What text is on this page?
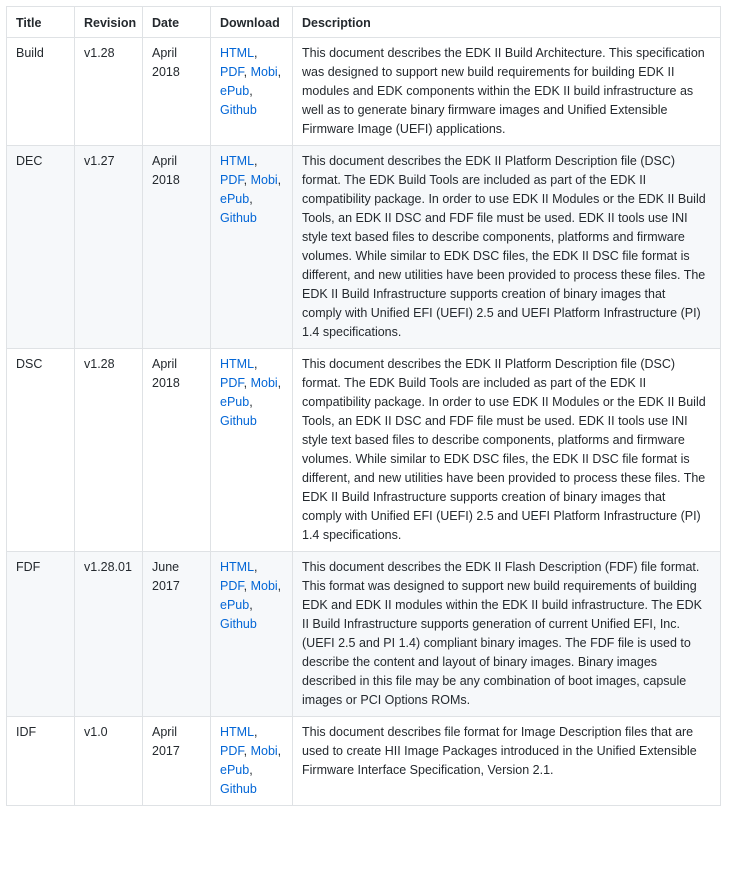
Title	Revision	Date	Download	Description
Build	v1.28	April 2018	HTML, PDF, Mobi, ePub, Github	This document describes the EDK II Build Architecture. This specification was designed to support new build requirements for building EDK II modules and EDK components within the EDK II build infrastructure as well as to generate binary firmware images and Unified Extensible Firmware Image (UEFI) applications.
DEC	v1.27	April 2018	HTML, PDF, Mobi, ePub, Github	This document describes the EDK II Platform Description file (DSC) format. The EDK Build Tools are included as part of the EDK II compatibility package. In order to use EDK II Modules or the EDK II Build Tools, an EDK II DSC and FDF file must be used. EDK II tools use INI style text based files to describe components, platforms and firmware volumes. While similar to EDK DSC files, the EDK II DSC file format is different, and new utilities have been provided to process these files. The EDK II Build Infrastructure supports creation of binary images that comply with Unified EFI (UEFI) 2.5 and UEFI Platform Infrastructure (PI) 1.4 specifications.
DSC	v1.28	April 2018	HTML, PDF, Mobi, ePub, Github	This document describes the EDK II Platform Description file (DSC) format. The EDK Build Tools are included as part of the EDK II compatibility package. In order to use EDK II Modules or the EDK II Build Tools, an EDK II DSC and FDF file must be used. EDK II tools use INI style text based files to describe components, platforms and firmware volumes. While similar to EDK DSC files, the EDK II DSC file format is different, and new utilities have been provided to process these files. The EDK II Build Infrastructure supports creation of binary images that comply with Unified EFI (UEFI) 2.5 and UEFI Platform Infrastructure (PI) 1.4 specifications.
FDF	v1.28.01	June 2017	HTML, PDF, Mobi, ePub, Github	This document describes the EDK II Flash Description (FDF) file format. This format was designed to support new build requirements of building EDK and EDK II modules within the EDK II build infrastructure. The EDK II Build Infrastructure supports generation of current Unified EFI, Inc. (UEFI 2.5 and PI 1.4) compliant binary images. The FDF file is used to describe the content and layout of binary images. Binary images described in this file may be any combination of boot images, capsule images or PCI Options ROMs.
IDF	v1.0	April 2017	HTML, PDF, Mobi, ePub, Github	This document describes file format for Image Description files that are used to create HII Image Packages introduced in the Unified Extensible Firmware Interface Specification, Version 2.1.
